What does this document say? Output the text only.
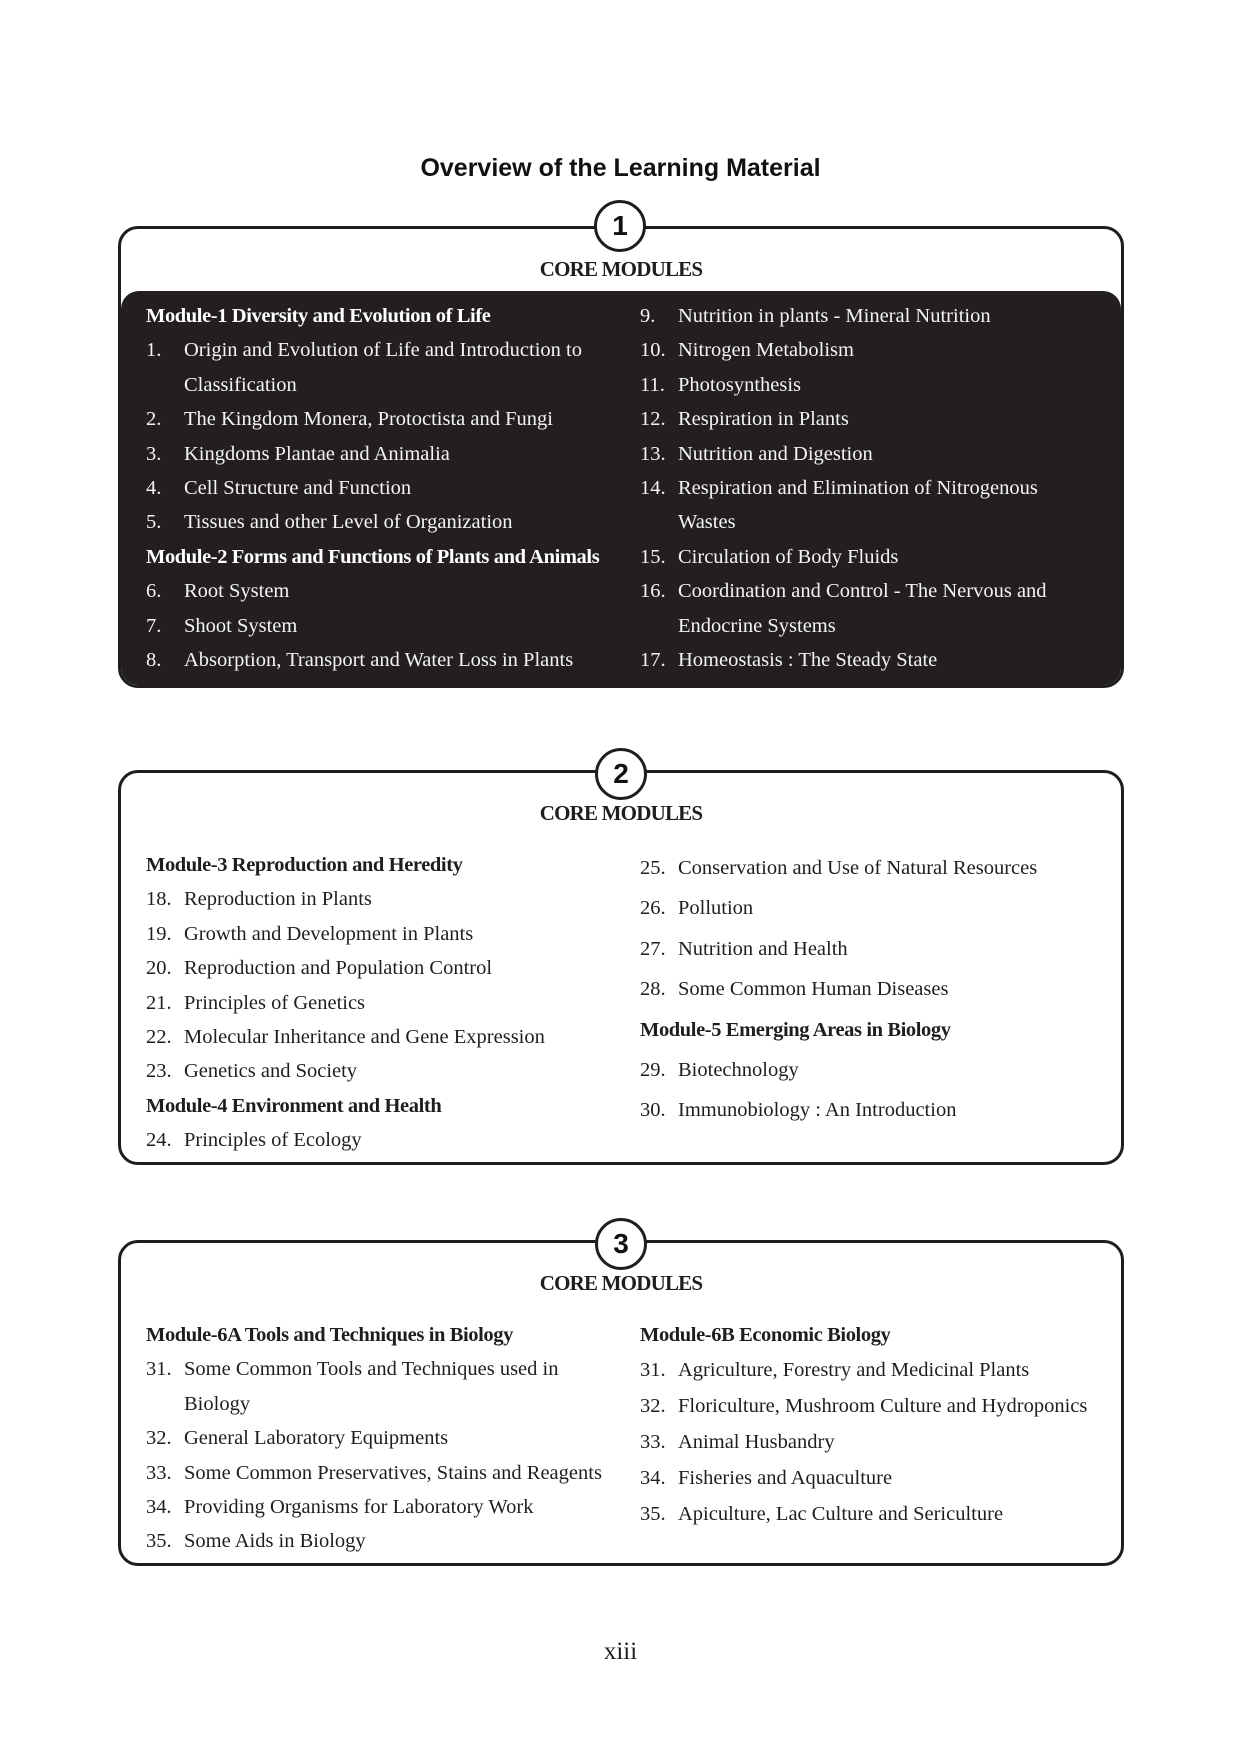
Overview of the Learning Material
CORE MODULES
Module-1 Diversity and Evolution of Life
1. Origin and Evolution of Life and Introduction to
Classification
2. The Kingdom Monera, Protoctista and Fungi
3. Kingdoms Plantae and Animalia
4. Cell Structure and Function
5. Tissues and other Level of Organization
Module-2 Forms and Functions of Plants and Animals
6. Root System
7. Shoot System
8. Absorption, Transport and Water Loss in Plants
9. Nutrition in plants - Mineral Nutrition
10. Nitrogen Metabolism
11. Photosynthesis
12. Respiration in Plants
13. Nutrition and Digestion
14. Respiration and Elimination of Nitrogenous
Wastes
15. Circulation of Body Fluids
16. Coordination and Control - The Nervous and
Endocrine Systems
17. Homeostasis : The Steady State
1
2
CORE MODULES
Module-3 Reproduction and Heredity
18. Reproduction in Plants
19. Growth and Development in Plants
20. Reproduction and Population Control
21. Principles of Genetics
22. Molecular Inheritance and Gene Expression
23. Genetics and Society
Module-4 Environment and Health
24. Principles of Ecology
25. Conservation and Use of Natural Resources
26. Pollution
27. Nutrition and Health
28. Some Common Human Diseases
Module-5 Emerging Areas in Biology
29. Biotechnology
30. Immunobiology : An Introduction
3
CORE MODULES
Module-6A Tools and Techniques in Biology
31. Some Common Tools and Techniques used in
Biology
32. General Laboratory Equipments
33. Some Common Preservatives, Stains and Reagents
34. Providing Organisms for Laboratory Work
35. Some Aids in Biology
Module-6B Economic Biology
31. Agriculture, Forestry and Medicinal Plants
32. Floriculture, Mushroom Culture and Hydroponics
33. Animal Husbandry
34. Fisheries and Aquaculture
35. Apiculture, Lac Culture and Sericulture
xiii
